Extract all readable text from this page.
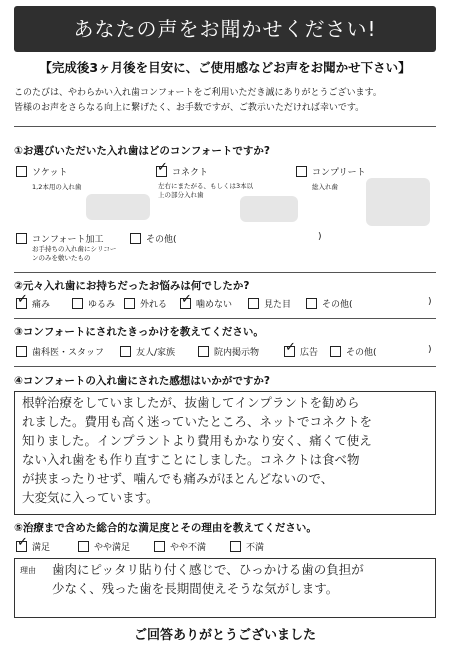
あなたの声をお聞かせください!
【完成後3ヶ月後を目安に、ご使用感などお声をお聞かせ下さい】
このたびは、やわらかい入れ歯コンフォートをご利用いただき誠にありがとうございます。
皆様のお声をさらなる向上に繋げたく、お手数ですが、ご教示いただければ幸いです。
①お選びいただいた入れ歯はどのコンフォートですか?
ソケット
1,2本用の入れ歯
✓ コネクト
左右にまたがる、もしくは3本以上の部分入れ歯
コンプリート
総入れ歯
コンフォート加工
お手持ちの入れ歯にシリコーンのみを敷いたもの
その他(	)
②元々入れ歯にお持ちだったお悩みは何でしたか?
✓ 痛み	ゆるみ	外れる ✓ 噛めない	見た目	その他(	)
③コンフォートにされたきっかけを教えてください。
歯科医・スタッフ	友人/家族	院内掲示物 ✓ 広告	その他(	)
④コンフォートの入れ歯にされた感想はいかがですか?
根幹治療をしていましたが、抜歯してインプラントを勧めら
れました。費用も高く迷っていたところ、ネットでコネクトを
知りました。インプラントより費用もかなり安く、痛くて使え
ない入れ歯をも作り直すことにしました。コネクトは食べ物
が挟まったりせず、噛んでも痛みがほとんどないので、
大変気に入っています。
⑤治療まで含めた総合的な満足度とその理由を教えてください。
✓ 満足	やや満足	やや不満	不満
理由 歯肉にピッタリ貼り付く感じで、ひっかける歯の負担が
少なく、残った歯を長期間使えそうな気がします。
ご回答ありがとうございました
